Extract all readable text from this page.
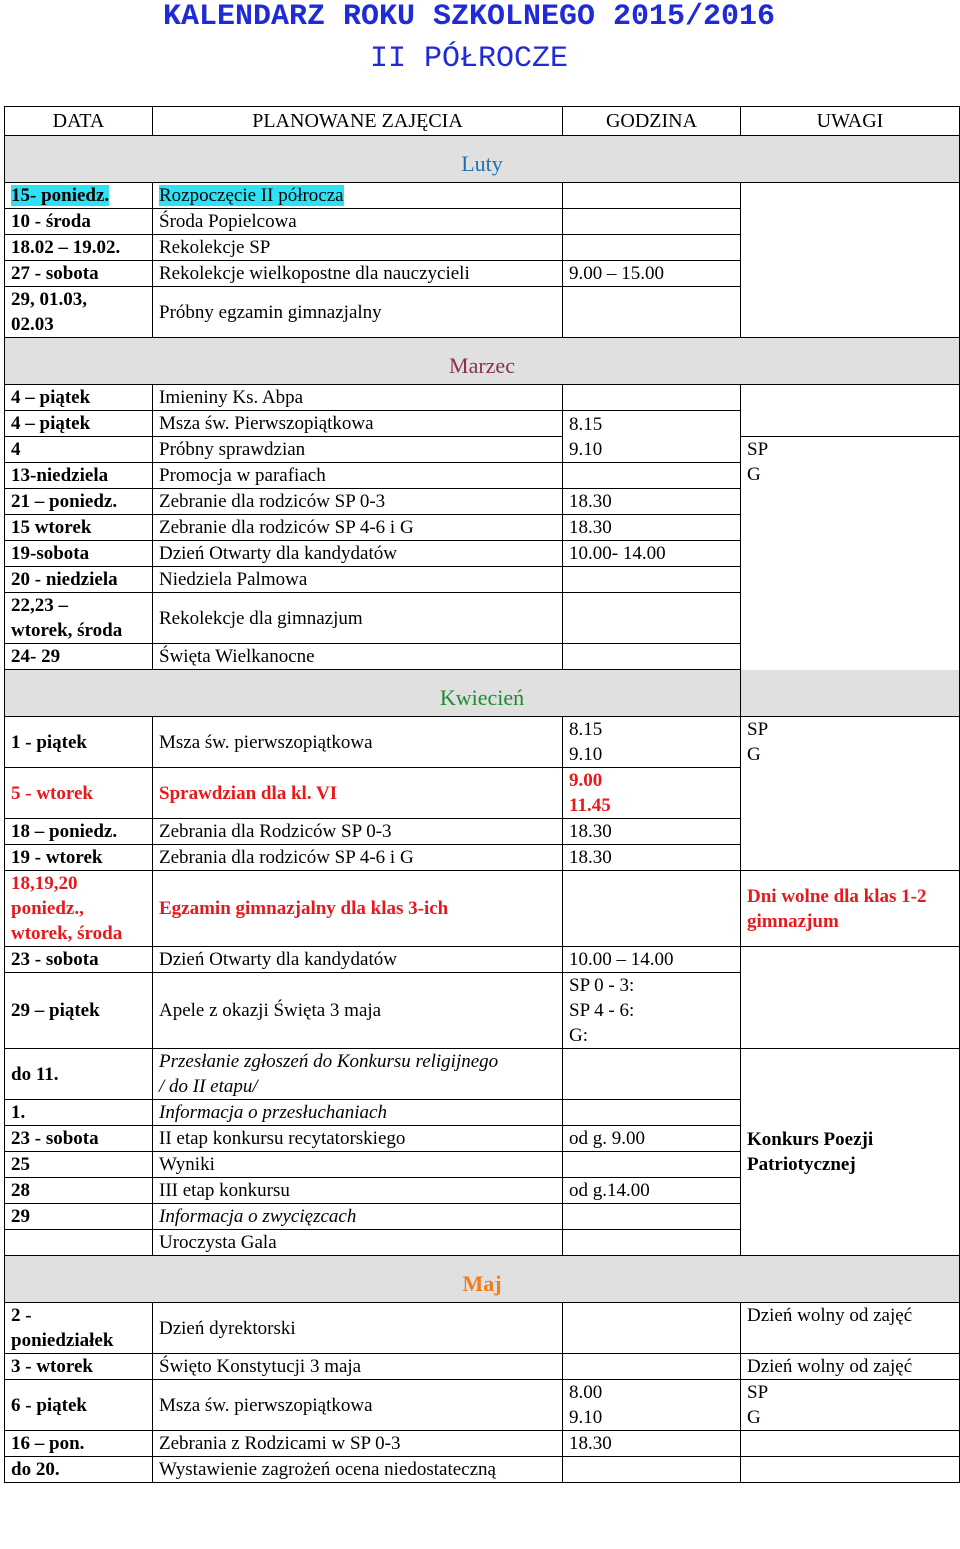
KALENDARZ ROKU SZKOLNEGO 2015/2016
II PÓŁROCZE
DATA	PLANOWANE ZAJĘCIA	GODZINA	UWAGI
Luty			
15- poniedz.	Rozpoczęcie II półrocza		
10 - środa	Środa Popielcowa		
18.02 – 19.02.	Rekolekcje SP		
27 - sobota	Rekolekcje wielkopostne dla nauczycieli	9.00 – 15.00	
29, 01.03,
02.03	Próbny egzamin gimnazjalny		
Marzec			
4 – piątek	Imieniny Ks. Abpa		
4 – piątek	Msza św. Pierwszopiątkowa	8.15
9.10	
4	Próbny sprawdzian		SP
G
13-niedziela	Promocja w parafiach		
21 – poniedz.	Zebranie dla rodziców SP 0-3	18.30	
15 wtorek	Zebranie dla rodziców SP 4-6 i G	18.30	
19-sobota	Dzień Otwarty dla kandydatów	10.00- 14.00	
20 - niedziela	Niedziela Palmowa		
22,23 –
wtorek, środa	Rekolekcje dla gimnazjum		
24- 29	Święta Wielkanocne		
Kwiecień			
1 - piątek	Msza św. pierwszopiątkowa	8.15
9.10	SP
G
5 - wtorek	Sprawdzian dla kl. VI	9.00
11.45	
18 – poniedz.	Zebrania dla Rodziców SP 0-3	18.30	
19 - wtorek	Zebrania dla rodziców SP 4-6 i G	18.30	
18,19,20
poniedz.,
wtorek, środa	Egzamin gimnazjalny dla klas 3-ich		Dni wolne dla klas 1-2 gimnazjum
23 - sobota	Dzień Otwarty dla kandydatów	10.00 – 14.00	
29 – piątek	Apele z okazji Święta 3 maja	SP 0 - 3:
SP 4 - 6:
G:	
do 11.	Przesłanie zgłoszeń do Konkursu religijnego
/ do II etapu/		Konkurs Poezji Patriotycznej
1.	Informacja o przesłuchaniach		
23 - sobota	II etap konkursu recytatorskiego	od g. 9.00	
25	Wyniki		
28	III etap konkursu	od g.14.00	
29	Informacja o zwycięzcach		
	Uroczysta Gala		
Maj			
2 -
poniedziałek	Dzień dyrektorski		Dzień wolny od zajęć
3 - wtorek	Święto Konstytucji 3 maja		Dzień wolny od zajęć
6 - piątek	Msza św. pierwszopiątkowa	8.00
9.10	SP
G
16 – pon.	Zebrania z Rodzicami w SP 0-3	18.30	
do 20.	Wystawienie zagrożeń ocena niedostateczną		
